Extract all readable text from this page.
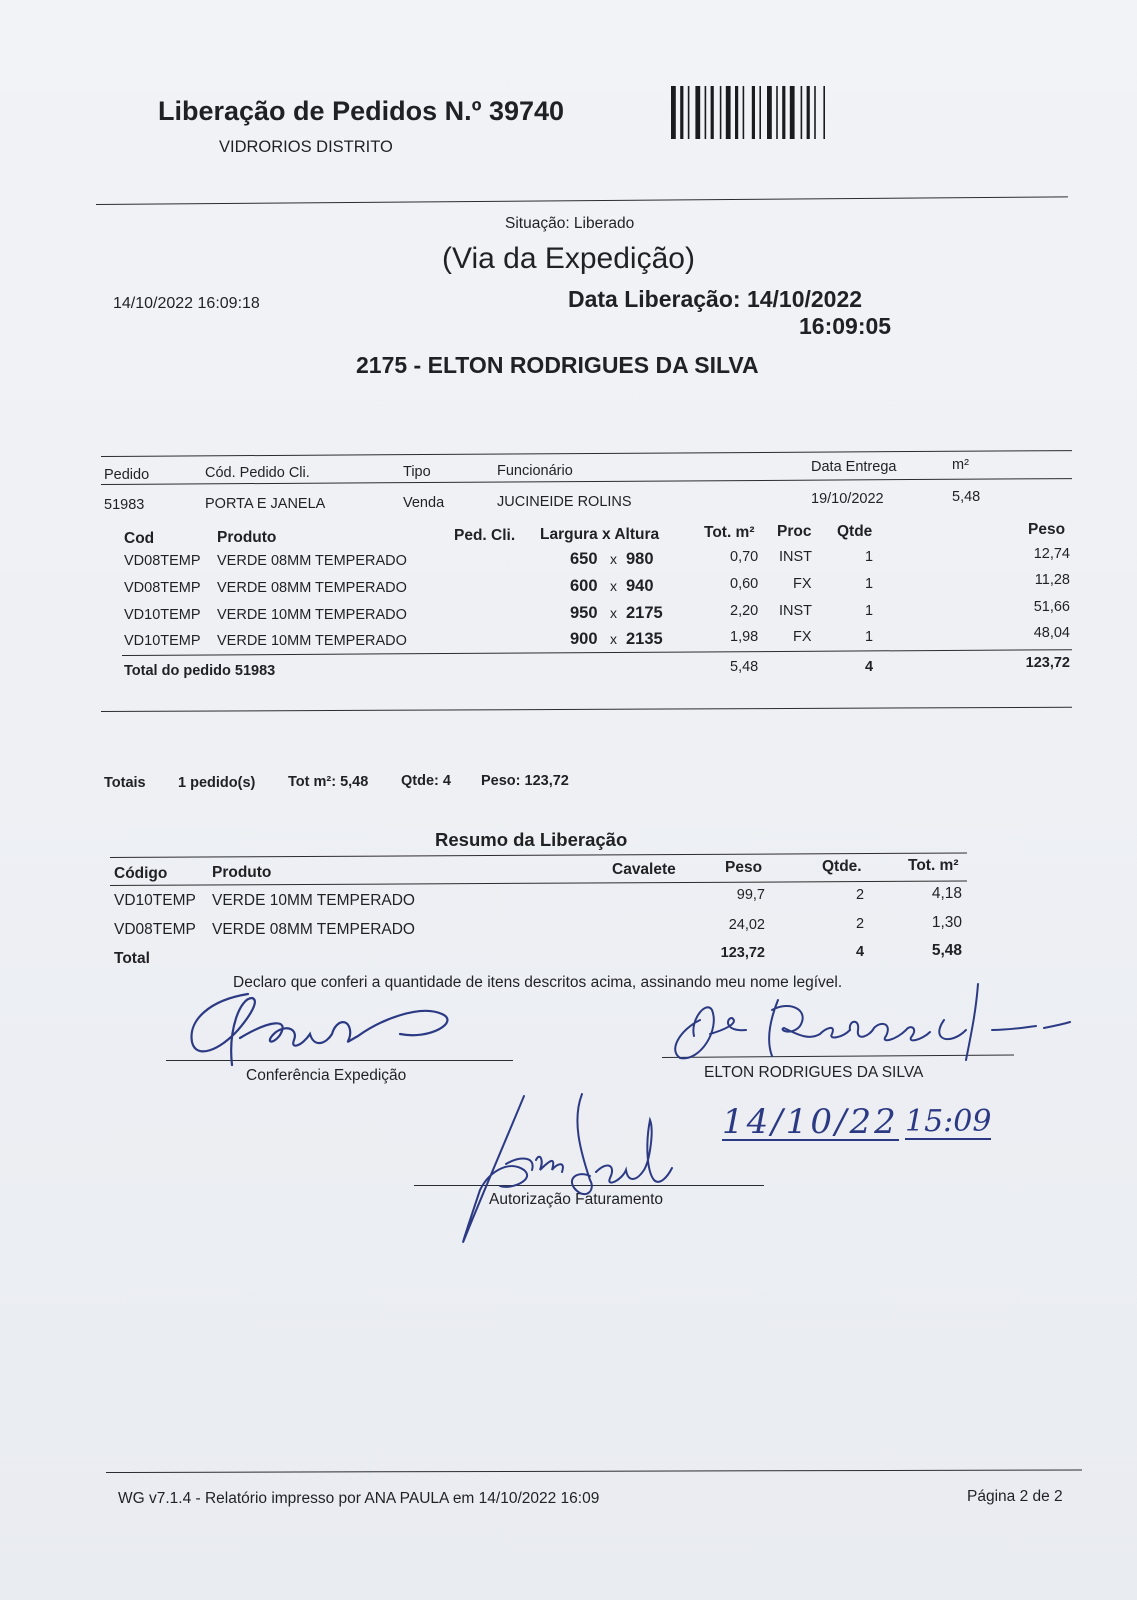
Liberação de Pedidos N.º 39740
VIDRORIOS DISTRITO
Situação: Liberado
(Via da Expedição)
14/10/2022 16:09:18	Data Liberação: 14/10/2022
16:09:05
2175 - ELTON RODRIGUES DA SILVA
Pedido	Cód. Pedido Cli.	Tipo	Funcionário	Data Entrega	m²
51983	PORTA E JANELA	Venda	JUCINEIDE ROLINS	19/10/2022	5,48
Cod	Produto	Ped. Cli. Largura x Altura	Tot. m² Proc Qtde	Peso
VD08TEMP VERDE 08MM TEMPERADO	650 x 980	0,70 INST	1	12,74
VD08TEMP VERDE 08MM TEMPERADO	600 x 940	0,60 FX	1	11,28
VD10TEMP VERDE 10MM TEMPERADO	950 x 2175	2,20 INST	1	51,66
VD10TEMP VERDE 10MM TEMPERADO	900 x 2135	1,98 FX	1	48,04
Total do pedido 51983	5,48	4	123,72
Totais 1 pedido(s) Tot m²: 5,48 Qtde: 4 Peso: 123,72
Resumo da Liberação
Código	Produto	Cavalete	Peso	Qtde.	Tot. m²
VD10TEMP VERDE 10MM TEMPERADO	99,7	2	4,18
VD08TEMP VERDE 08MM TEMPERADO	24,02	2	1,30
Total	123,72	4	5,48
Declaro que conferi a quantidade de itens descritos acima, assinando meu nome legível.
Conferência Expedição	ELTON RODRIGUES DA SILVA
Autorização Faturamento
14/10/22 15:09
WG v7.1.4 - Relatório impresso por ANA PAULA em 14/10/2022 16:09	Página 2 de 2
